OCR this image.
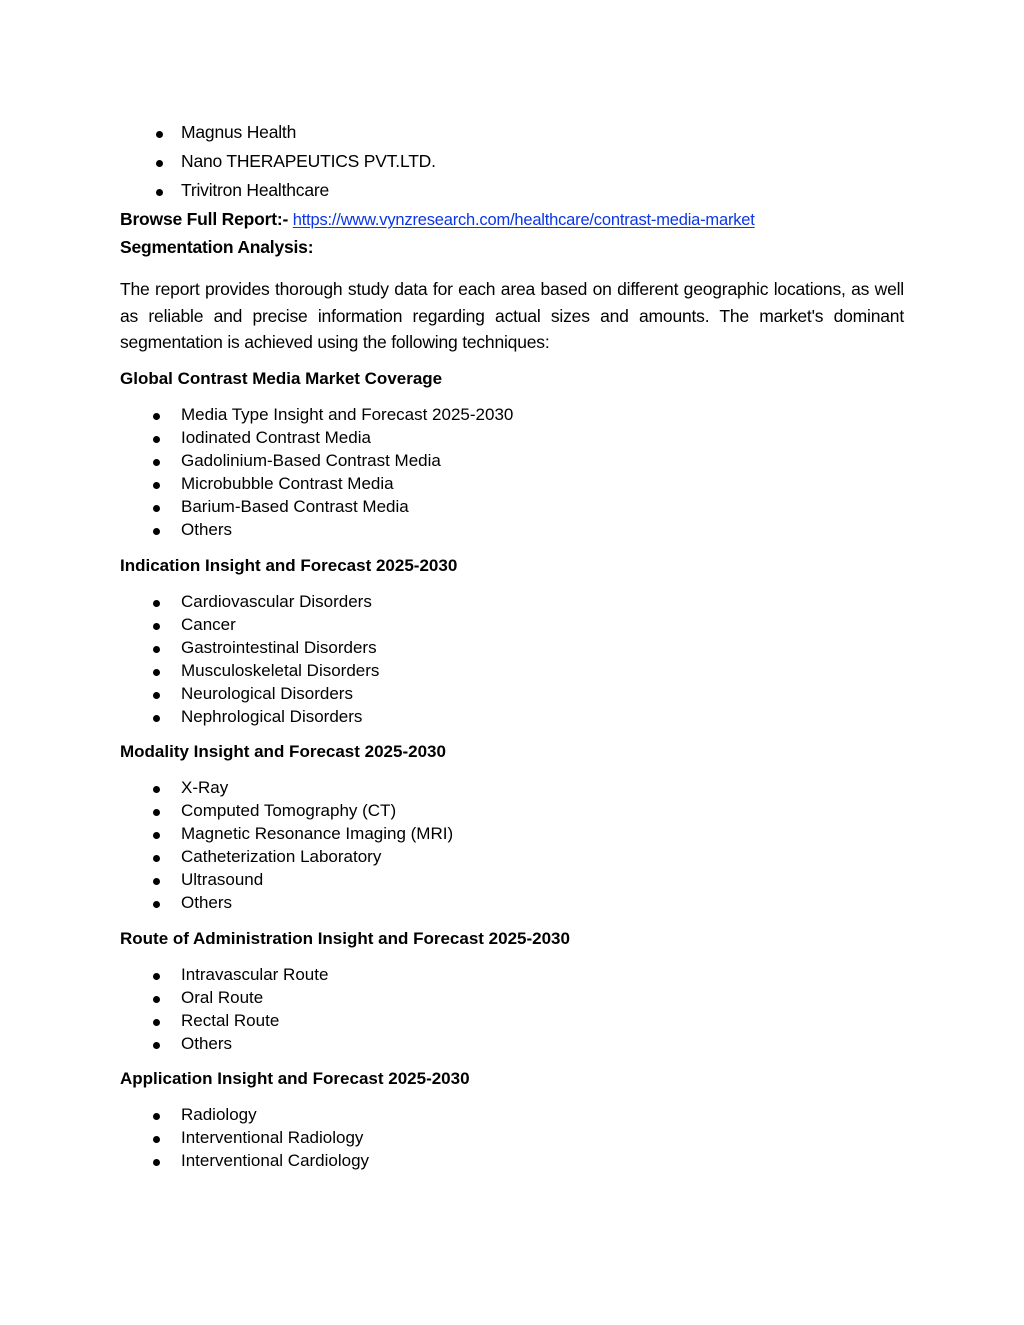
Magnus Health
Nano THERAPEUTICS PVT.LTD.
Trivitron Healthcare
Browse Full Report:- https://www.vynzresearch.com/healthcare/contrast-media-market
Segmentation Analysis:
The report provides thorough study data for each area based on different geographic locations, as well as reliable and precise information regarding actual sizes and amounts. The market's dominant segmentation is achieved using the following techniques:
Global Contrast Media Market Coverage
Media Type Insight and Forecast 2025-2030
Iodinated Contrast Media
Gadolinium-Based Contrast Media
Microbubble Contrast Media
Barium-Based Contrast Media
Others
Indication Insight and Forecast 2025-2030
Cardiovascular Disorders
Cancer
Gastrointestinal Disorders
Musculoskeletal Disorders
Neurological Disorders
Nephrological Disorders
Modality Insight and Forecast 2025-2030
X-Ray
Computed Tomography (CT)
Magnetic Resonance Imaging (MRI)
Catheterization Laboratory
Ultrasound
Others
Route of Administration Insight and Forecast 2025-2030
Intravascular Route
Oral Route
Rectal Route
Others
Application Insight and Forecast 2025-2030
Radiology
Interventional Radiology
Interventional Cardiology
